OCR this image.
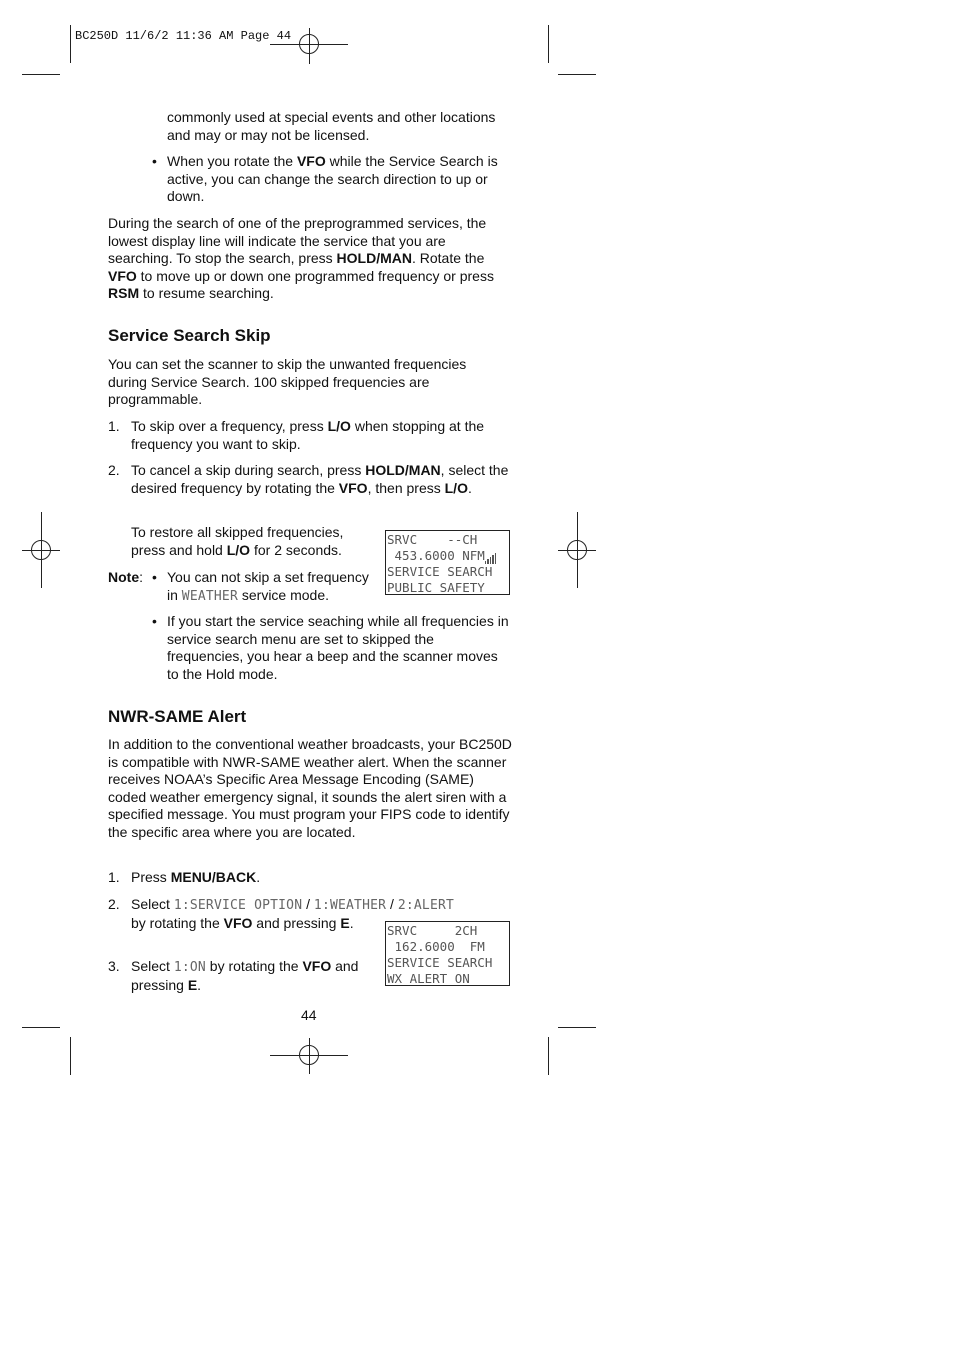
BC250D 11/6/2 11:36 AM Page 44
commonly used at special events and other locations and may or may not be licensed.
• When you rotate the VFO while the Service Search is active, you can change the search direction to up or down.
During the search of one of the preprogrammed services, the lowest display line will indicate the service that you are searching. To stop the search, press HOLD/MAN. Rotate the VFO to move up or down one programmed frequency or press RSM to resume searching.
Service Search Skip
You can set the scanner to skip the unwanted frequencies during Service Search. 100 skipped frequencies are programmable.
1. To skip over a frequency, press L/O when stopping at the frequency you want to skip.
2. To cancel a skip during search, press HOLD/MAN, select the desired frequency by rotating the VFO, then press L/O.
To restore all skipped frequencies, press and hold L/O for 2 seconds.
Note: • You can not skip a set frequency in WEATHER service mode.
• If you start the service seaching while all frequencies in service search menu are set to skipped the frequencies, you hear a beep and the scanner moves to the Hold mode.
SRVC    --CH
453.6000 NFM
SERVICE SEARCH
PUBLIC SAFETY
NWR-SAME Alert
In addition to the conventional weather broadcasts, your BC250D is compatible with NWR-SAME weather alert. When the scanner receives NOAA’s Specific Area Message Encoding (SAME) coded weather emergency signal, it sounds the alert siren with a specified message. You must program your FIPS code to identify the specific area where you are located.
1. Press MENU/BACK.
2. Select 1:SERVICE OPTION / 1:WEATHER / 2:ALERT by rotating the VFO and pressing E.
3. Select 1:ON by rotating the VFO and pressing E.
SRVC     2CH
162.6000  FM
SERVICE SEARCH
WX ALERT ON
44
